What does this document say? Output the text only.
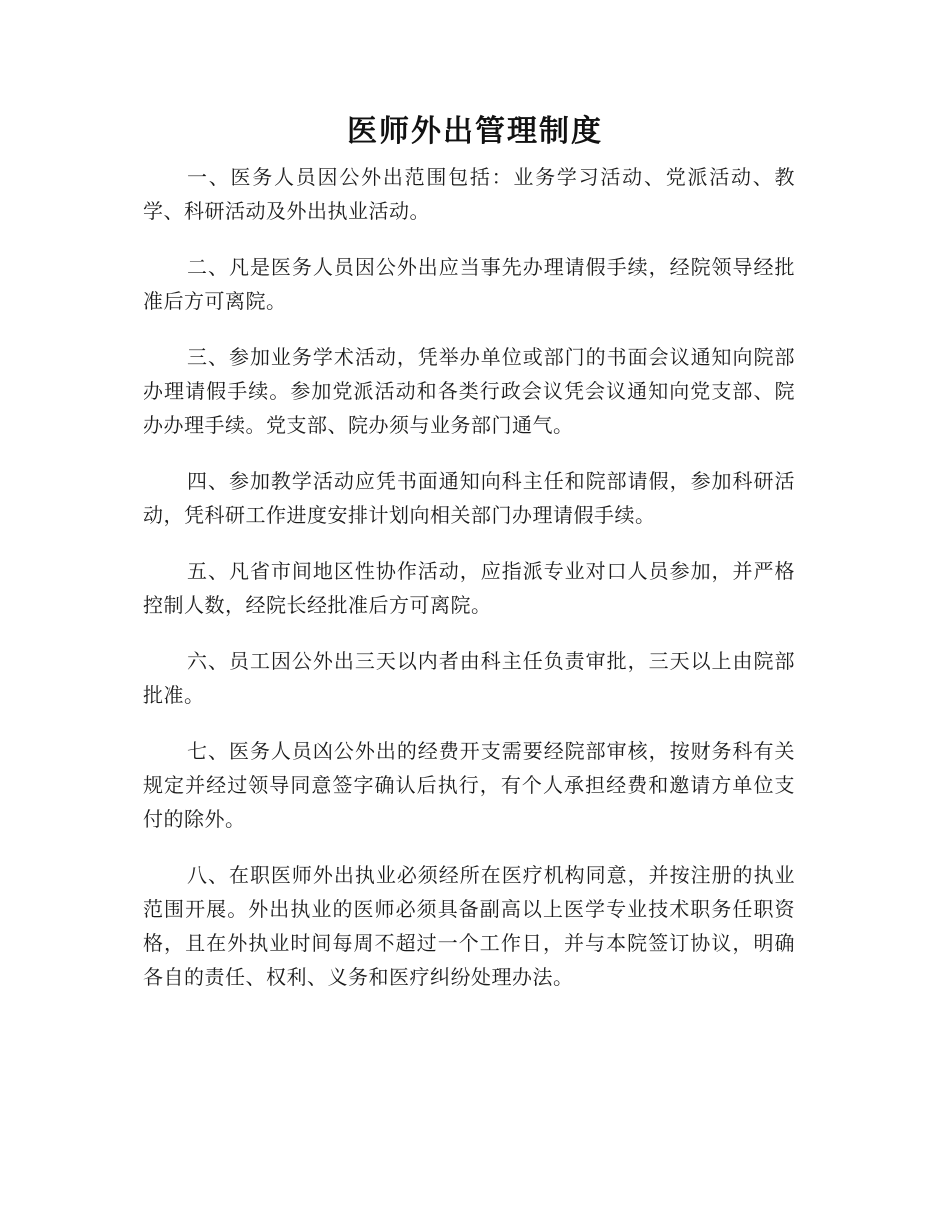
医师外出管理制度

一、医务人员因公外出范围包括：业务学习活动、党派活动、教学、科研活动及外出执业活动。

二、凡是医务人员因公外出应当事先办理请假手续，经院领导经批准后方可离院。

三、参加业务学术活动，凭举办单位或部门的书面会议通知向院部办理请假手续。参加党派活动和各类行政会议凭会议通知向党支部、院办办理手续。党支部、院办须与业务部门通气。

四、参加教学活动应凭书面通知向科主任和院部请假，参加科研活动，凭科研工作进度安排计划向相关部门办理请假手续。

五、凡省市间地区性协作活动，应指派专业对口人员参加，并严格控制人数，经院长经批准后方可离院。

六、员工因公外出三天以内者由科主任负责审批，三天以上由院部批准。

七、医务人员凶公外出的经费开支需要经院部审核，按财务科有关规定并经过领导同意签字确认后执行，有个人承担经费和邀请方单位支付的除外。

八、在职医师外出执业必须经所在医疗机构同意，并按注册的执业范围开展。外出执业的医师必须具备副高以上医学专业技术职务任职资格，且在外执业时间每周不超过一个工作日，并与本院签订协议，明确各自的责任、权利、义务和医疗纠纷处理办法。
